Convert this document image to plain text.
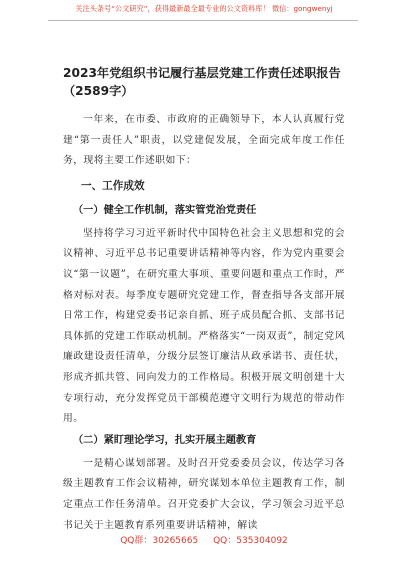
关注头条号“公文研究”，获得最新最全最专业的公文资料库！ 微信：gongwenyj
2023年党组织书记履行基层党建工作责任述职报告（2589字）

一年来，在市委、市政府的正确领导下，本人认真履行党建“第一责任人”职责，以党建促发展，全面完成年度工作任务，现将主要工作述职如下：

一、工作成效
（一）健全工作机制，落实管党治党责任

坚持将学习习近平新时代中国特色社会主义思想和党的会议精神、习近平总书记重要讲话精神等内容，作为党内重要会议“第一议题”，在研究重大事项、重要问题和重点工作时，严格对标对表。每季度专题研究党建工作，督查指导各支部开展日常工作，构建党委书记亲自抓、班子成员配合抓、支部书记具体抓的党建工作联动机制。严格落实“一岗双责”，制定党风廉政建设责任清单，分级分层签订廉洁从政承诺书、责任状，形成齐抓共管、同向发力的工作格局。积极开展文明创建十大专项行动，充分发挥党员干部模范遵守文明行为规范的带动作用。

（二）紧盯理论学习，扎实开展主题教育

一是精心谋划部署。及时召开党委委员会议，传达学习各级主题教育工作会议精神，研究谋划本单位主题教育工作，制定重点工作任务清单。召开党委扩大会议，学习领会习近平总书记关于主题教育系列重要讲话精神，解读

QQ群：30265665 QQ：535304092
